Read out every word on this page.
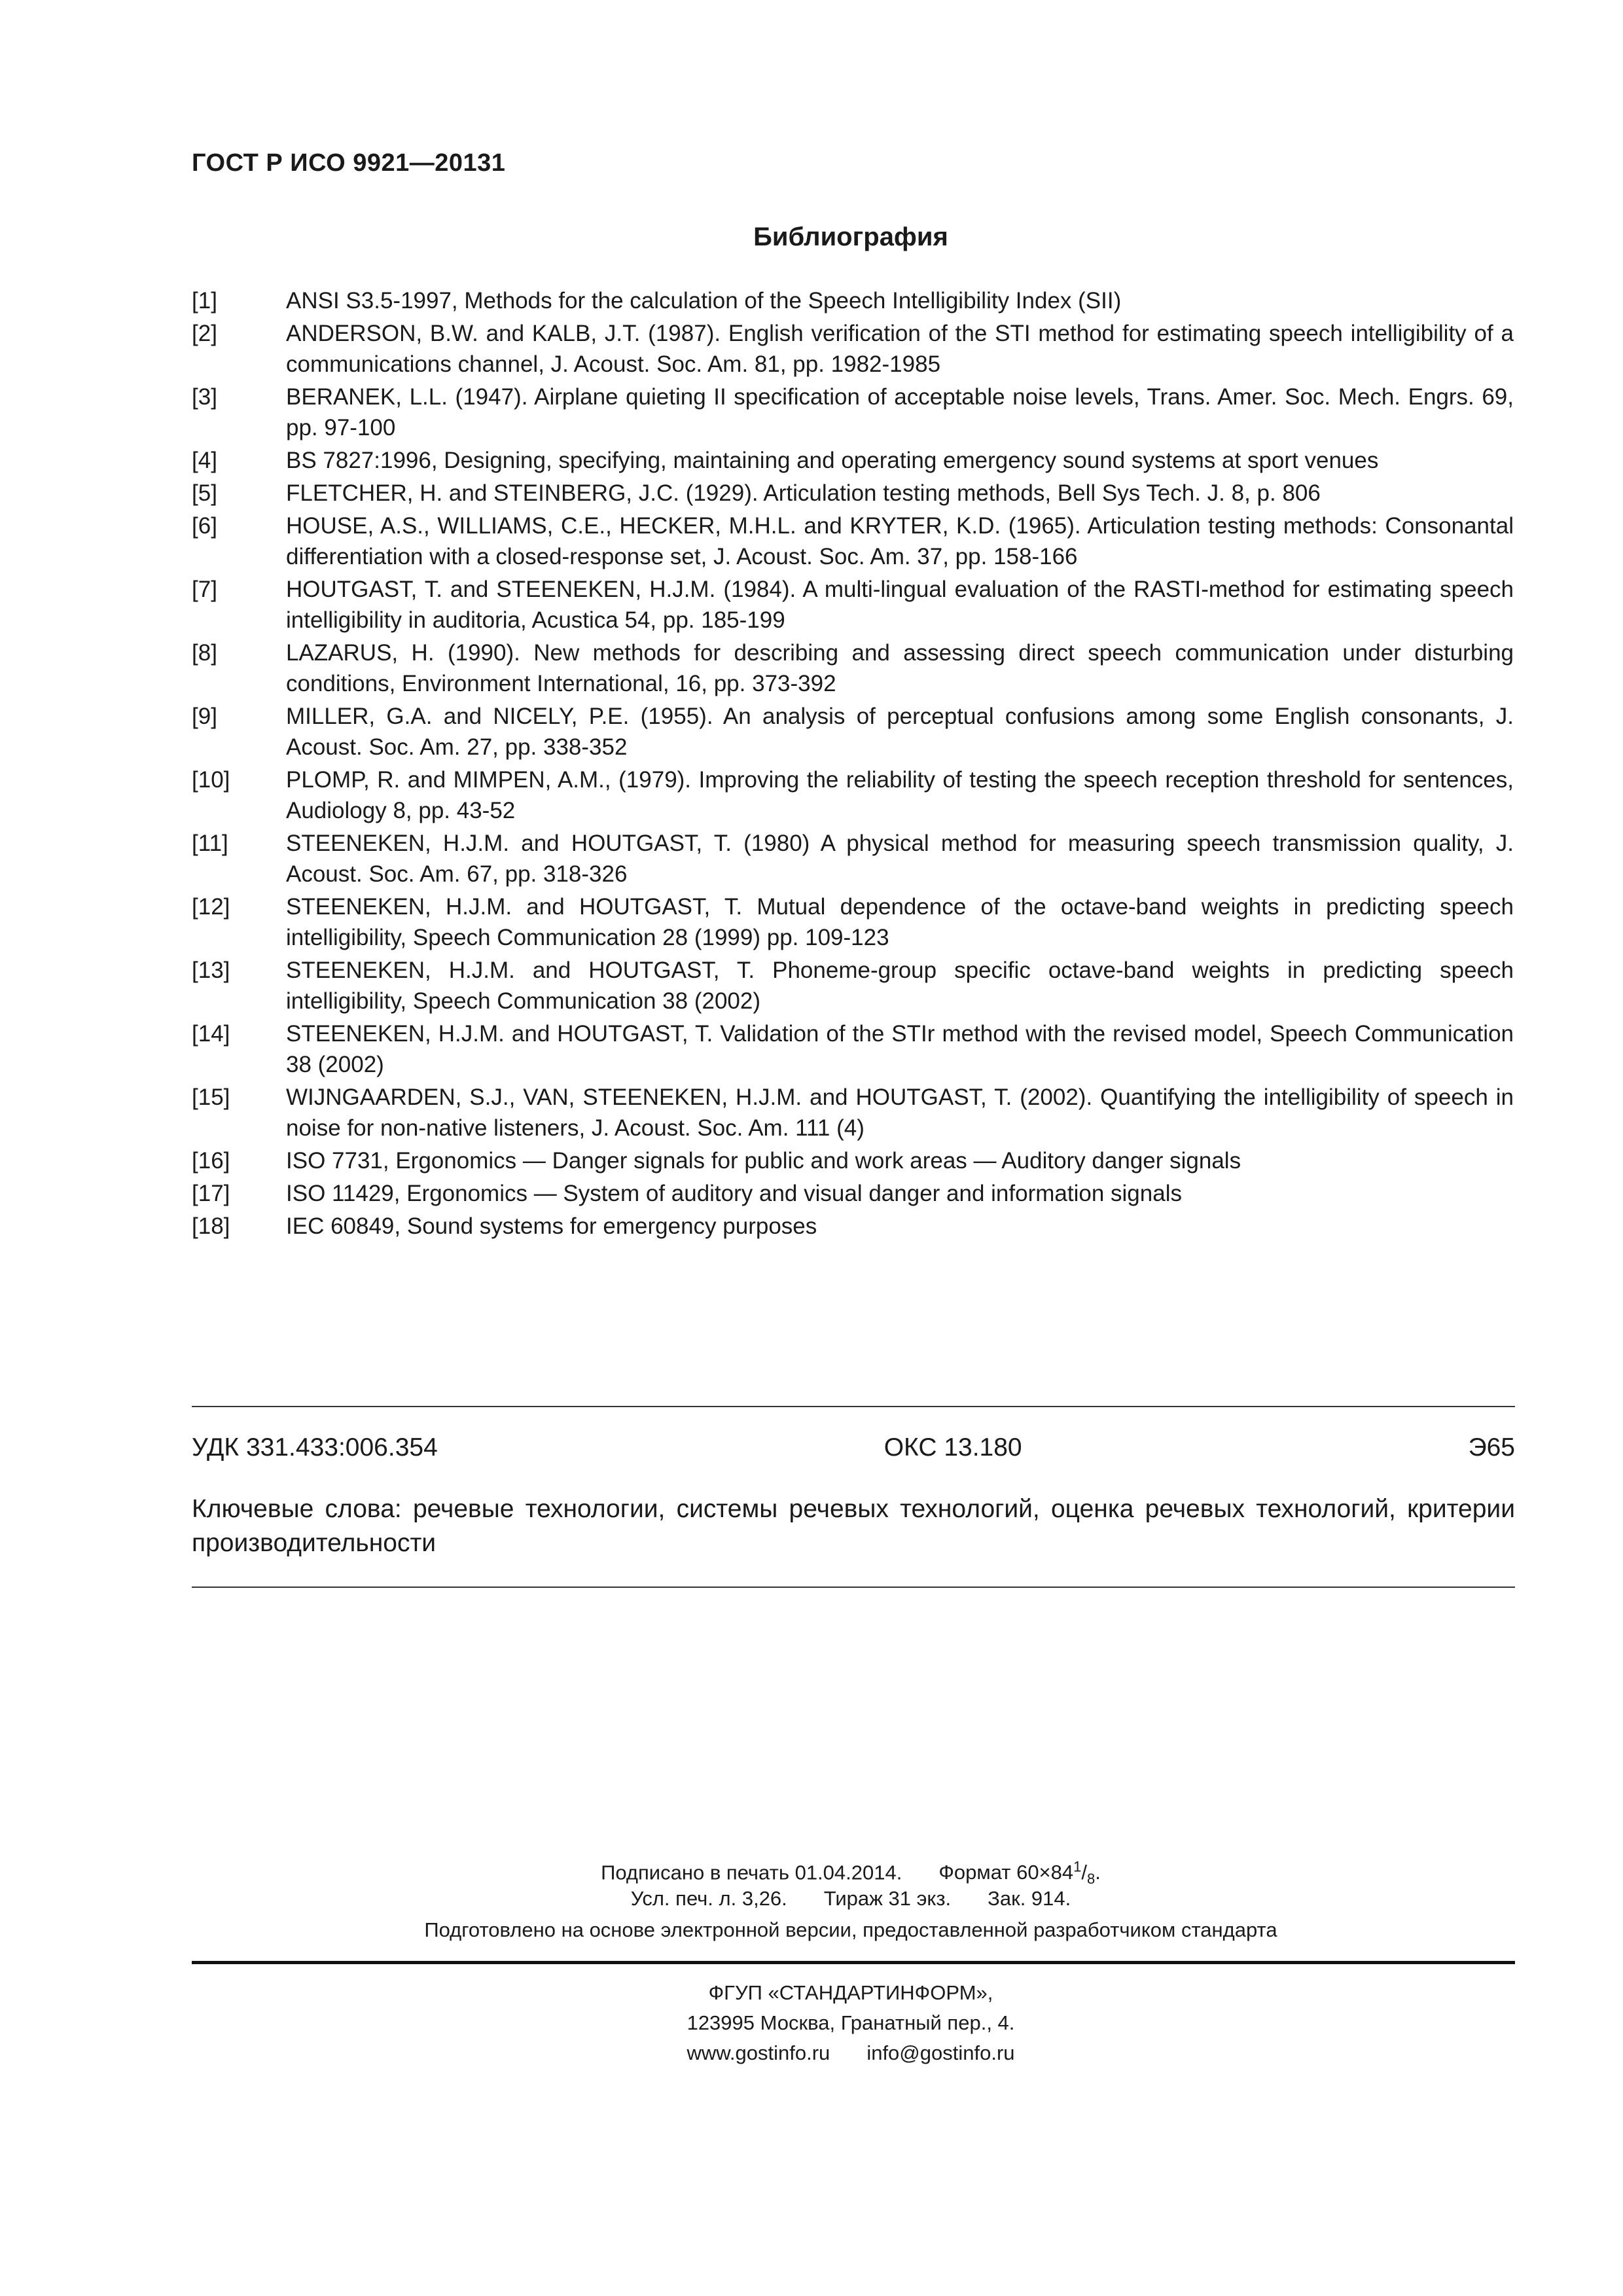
ГОСТ Р ИСО 9921—20131
Библиография
[1]	ANSI S3.5-1997, Methods for the calculation of the Speech Intelligibility Index (SII)
[2]	ANDERSON, B.W. and KALB, J.T. (1987). English verification of the STI method for estimating speech intelligibility of a communications channel, J. Acoust. Soc. Am. 81, pp. 1982-1985
[3]	BERANEK, L.L. (1947). Airplane quieting II specification of acceptable noise levels, Trans. Amer. Soc. Mech. Engrs. 69, pp. 97-100
[4]	BS 7827:1996, Designing, specifying, maintaining and operating emergency sound systems at sport venues
[5]	FLETCHER, H. and STEINBERG, J.C. (1929). Articulation testing methods, Bell Sys Tech. J. 8, p. 806
[6]	HOUSE, A.S., WILLIAMS, C.E., HECKER, M.H.L. and KRYTER, K.D. (1965). Articulation testing methods: Consonantal differentiation with a closed-response set, J. Acoust. Soc. Am. 37, pp. 158-166
[7]	HOUTGAST, T. and STEENEKEN, H.J.M. (1984). A multi-lingual evaluation of the RASTI-method for estimating speech intelligibility in auditoria, Acustica 54, pp. 185-199
[8]	LAZARUS, H. (1990). New methods for describing and assessing direct speech communication under disturbing conditions, Environment International, 16, pp. 373-392
[9]	MILLER, G.A. and NICELY, P.E. (1955). An analysis of perceptual confusions among some English consonants, J. Acoust. Soc. Am. 27, pp. 338-352
[10]	PLOMP, R. and MIMPEN, A.M., (1979). Improving the reliability of testing the speech reception threshold for sentences, Audiology 8, pp. 43-52
[11]	STEENEKEN, H.J.M. and HOUTGAST, T. (1980) A physical method for measuring speech transmission quality, J. Acoust. Soc. Am. 67, pp. 318-326
[12]	STEENEKEN, H.J.M. and HOUTGAST, T. Mutual dependence of the octave-band weights in predicting speech intelligibility, Speech Communication 28 (1999) pp. 109-123
[13]	STEENEKEN, H.J.M. and HOUTGAST, T. Phoneme-group specific octave-band weights in predicting speech intelligibility, Speech Communication 38 (2002)
[14]	STEENEKEN, H.J.M. and HOUTGAST, T. Validation of the STIr method with the revised model, Speech Communication 38 (2002)
[15]	WIJNGAARDEN, S.J., VAN, STEENEKEN, H.J.M. and HOUTGAST, T. (2002). Quantifying the intelligibility of speech in noise for non-native listeners, J. Acoust. Soc. Am. 111 (4)
[16]	ISO 7731, Ergonomics — Danger signals for public and work areas — Auditory danger signals
[17]	ISO 11429, Ergonomics — System of auditory and visual danger and information signals
[18]	IEC 60849, Sound systems for emergency purposes
УДК 331.433:006.354	ОКС 13.180	Э65
Ключевые слова: речевые технологии, системы речевых технологий, оценка речевых технологий, критерии производительности
Подписано в печать 01.04.2014. Формат $60\times 84^1/_8$.
Усл. печ. л. 3,26. Тираж 31 экз. Зак. 914.
Подготовлено на основе электронной версии, предоставленной разработчиком стандарта
ФГУП «СТАНДАРТИНФОРМ»,
123995 Москва, Гранатный пер., 4.
www.gostinfo.ru info@gostinfo.ru
